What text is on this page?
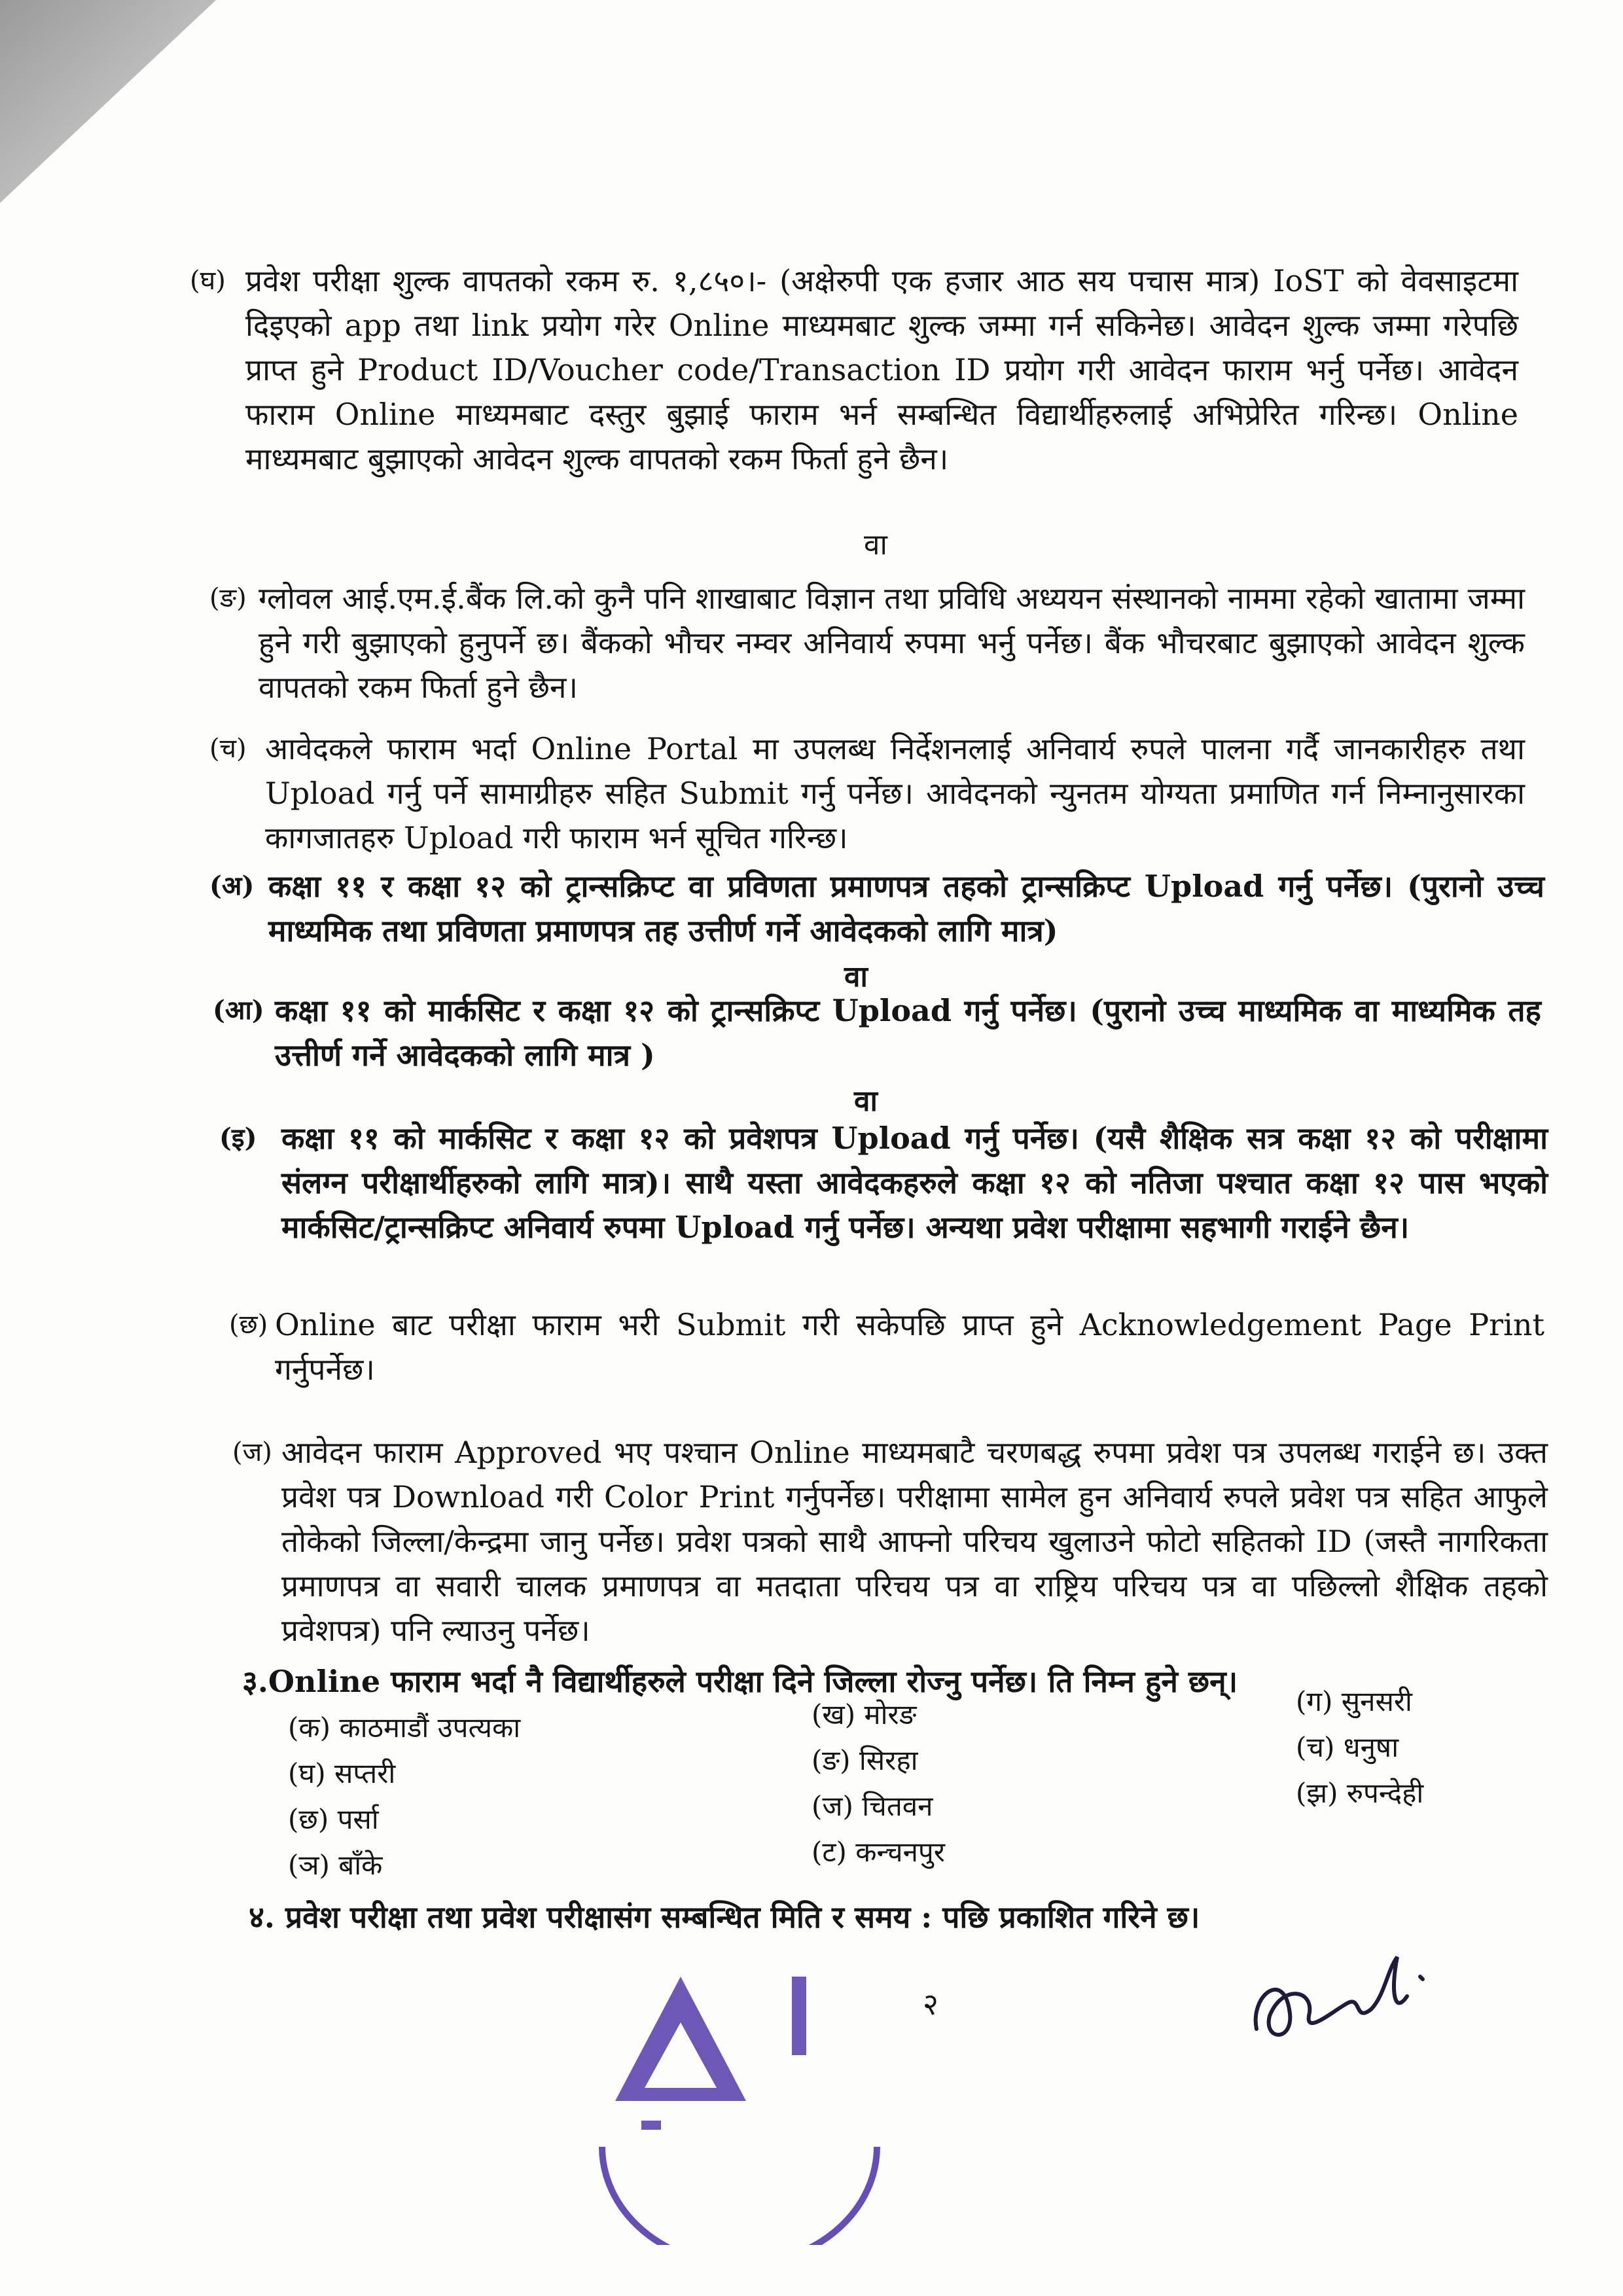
(घ) प्रवेश परीक्षा शुल्क वापतको रकम रु. १,८५०।- (अक्षेरुपी एक हजार आठ सय पचास मात्र) IoST को वेवसाइटमा दिइएको app तथा link प्रयोग गरेर Online माध्यमबाट शुल्क जम्मा गर्न सकिनेछ। आवेदन शुल्क जम्मा गरेपछि प्राप्त हुने Product ID/Voucher code/Transaction ID प्रयोग गरी आवेदन फाराम भर्नु पर्नेछ। आवेदन फाराम Online माध्यमबाट दस्तुर बुझाई फाराम भर्न सम्बन्धित विद्यार्थीहरुलाई अभिप्रेरित गरिन्छ। Online माध्यमबाट बुझाएको आवेदन शुल्क वापतको रकम फिर्ता हुने छैन।
वा
(ङ) ग्लोवल आई.एम.ई.बैंक लि.को कुनै पनि शाखाबाट विज्ञान तथा प्रविधि अध्ययन संस्थानको नाममा रहेको खातामा जम्मा हुने गरी बुझाएको हुनुपर्ने छ। बैंकको भौचर नम्वर अनिवार्य रुपमा भर्नु पर्नेछ। बैंक भौचरबाट बुझाएको आवेदन शुल्क वापतको रकम फिर्ता हुने छैन।
(च) आवेदकले फाराम भर्दा Online Portal मा उपलब्ध निर्देशनलाई अनिवार्य रुपले पालना गर्दै जानकारीहरु तथा Upload गर्नु पर्ने सामाग्रीहरु सहित Submit गर्नु पर्नेछ। आवेदनको न्युनतम योग्यता प्रमाणित गर्न निम्नानुसारका कागजातहरु Upload गरी फाराम भर्न सूचित गरिन्छ।
(अ) कक्षा ११ र कक्षा १२ को ट्रान्सक्रिप्ट वा प्रविणता प्रमाणपत्र तहको ट्रान्सक्रिप्ट Upload गर्नु पर्नेछ। (पुरानो उच्च माध्यमिक तथा प्रविणता प्रमाणपत्र तह उत्तीर्ण गर्ने आवेदकको लागि मात्र)
वा
(आ) कक्षा ११ को मार्कसिट र कक्षा १२ को ट्रान्सक्रिप्ट Upload गर्नु पर्नेछ। (पुरानो उच्च माध्यमिक वा माध्यमिक तह उत्तीर्ण गर्ने आवेदकको लागि मात्र )
वा
(इ) कक्षा ११ को मार्कसिट र कक्षा १२ को प्रवेशपत्र Upload गर्नु पर्नेछ। (यसै शैक्षिक सत्र कक्षा १२ को परीक्षामा संलग्न परीक्षार्थीहरुको लागि मात्र)। साथै यस्ता आवेदकहरुले कक्षा १२ को नतिजा पश्चात कक्षा १२ पास भएको मार्कसिट/ट्रान्सक्रिप्ट अनिवार्य रुपमा Upload गर्नु पर्नेछ। अन्यथा प्रवेश परीक्षामा सहभागी गराईने छैन।
(छ) Online बाट परीक्षा फाराम भरी Submit गरी सकेपछि प्राप्त हुने Acknowledgement Page Print गर्नुपर्नेछ।
(ज) आवेदन फाराम Approved भए पश्चान Online माध्यमबाटै चरणबद्ध रुपमा प्रवेश पत्र उपलब्ध गराईने छ। उक्त प्रवेश पत्र Download गरी Color Print गर्नुपर्नेछ। परीक्षामा सामेल हुन अनिवार्य रुपले प्रवेश पत्र सहित आफुले तोकेको जिल्ला/केन्द्रमा जानु पर्नेछ। प्रवेश पत्रको साथै आफ्नो परिचय खुलाउने फोटो सहितको ID (जस्तै नागरिकता प्रमाणपत्र वा सवारी चालक प्रमाणपत्र वा मतदाता परिचय पत्र वा राष्ट्रिय परिचय पत्र वा पछिल्लो शैक्षिक तहको प्रवेशपत्र) पनि ल्याउनु पर्नेछ।
३.Online फाराम भर्दा नै विद्यार्थीहरुले परीक्षा दिने जिल्ला रोज्नु पर्नेछ। ति निम्न हुने छन्।
(क) काठमाडौं उपत्यका	(ख) मोरङ	(ग) सुनसरी
(घ) सप्तरी	(ङ) सिरहा	(च) धनुषा
(छ) पर्सा	(ज) चितवन	(झ) रुपन्देही
(ञ) बाँके	(ट) कन्चनपुर
४. प्रवेश परीक्षा तथा प्रवेश परीक्षासंग सम्बन्धित मिति र समय : पछि प्रकाशित गरिने छ।
२
